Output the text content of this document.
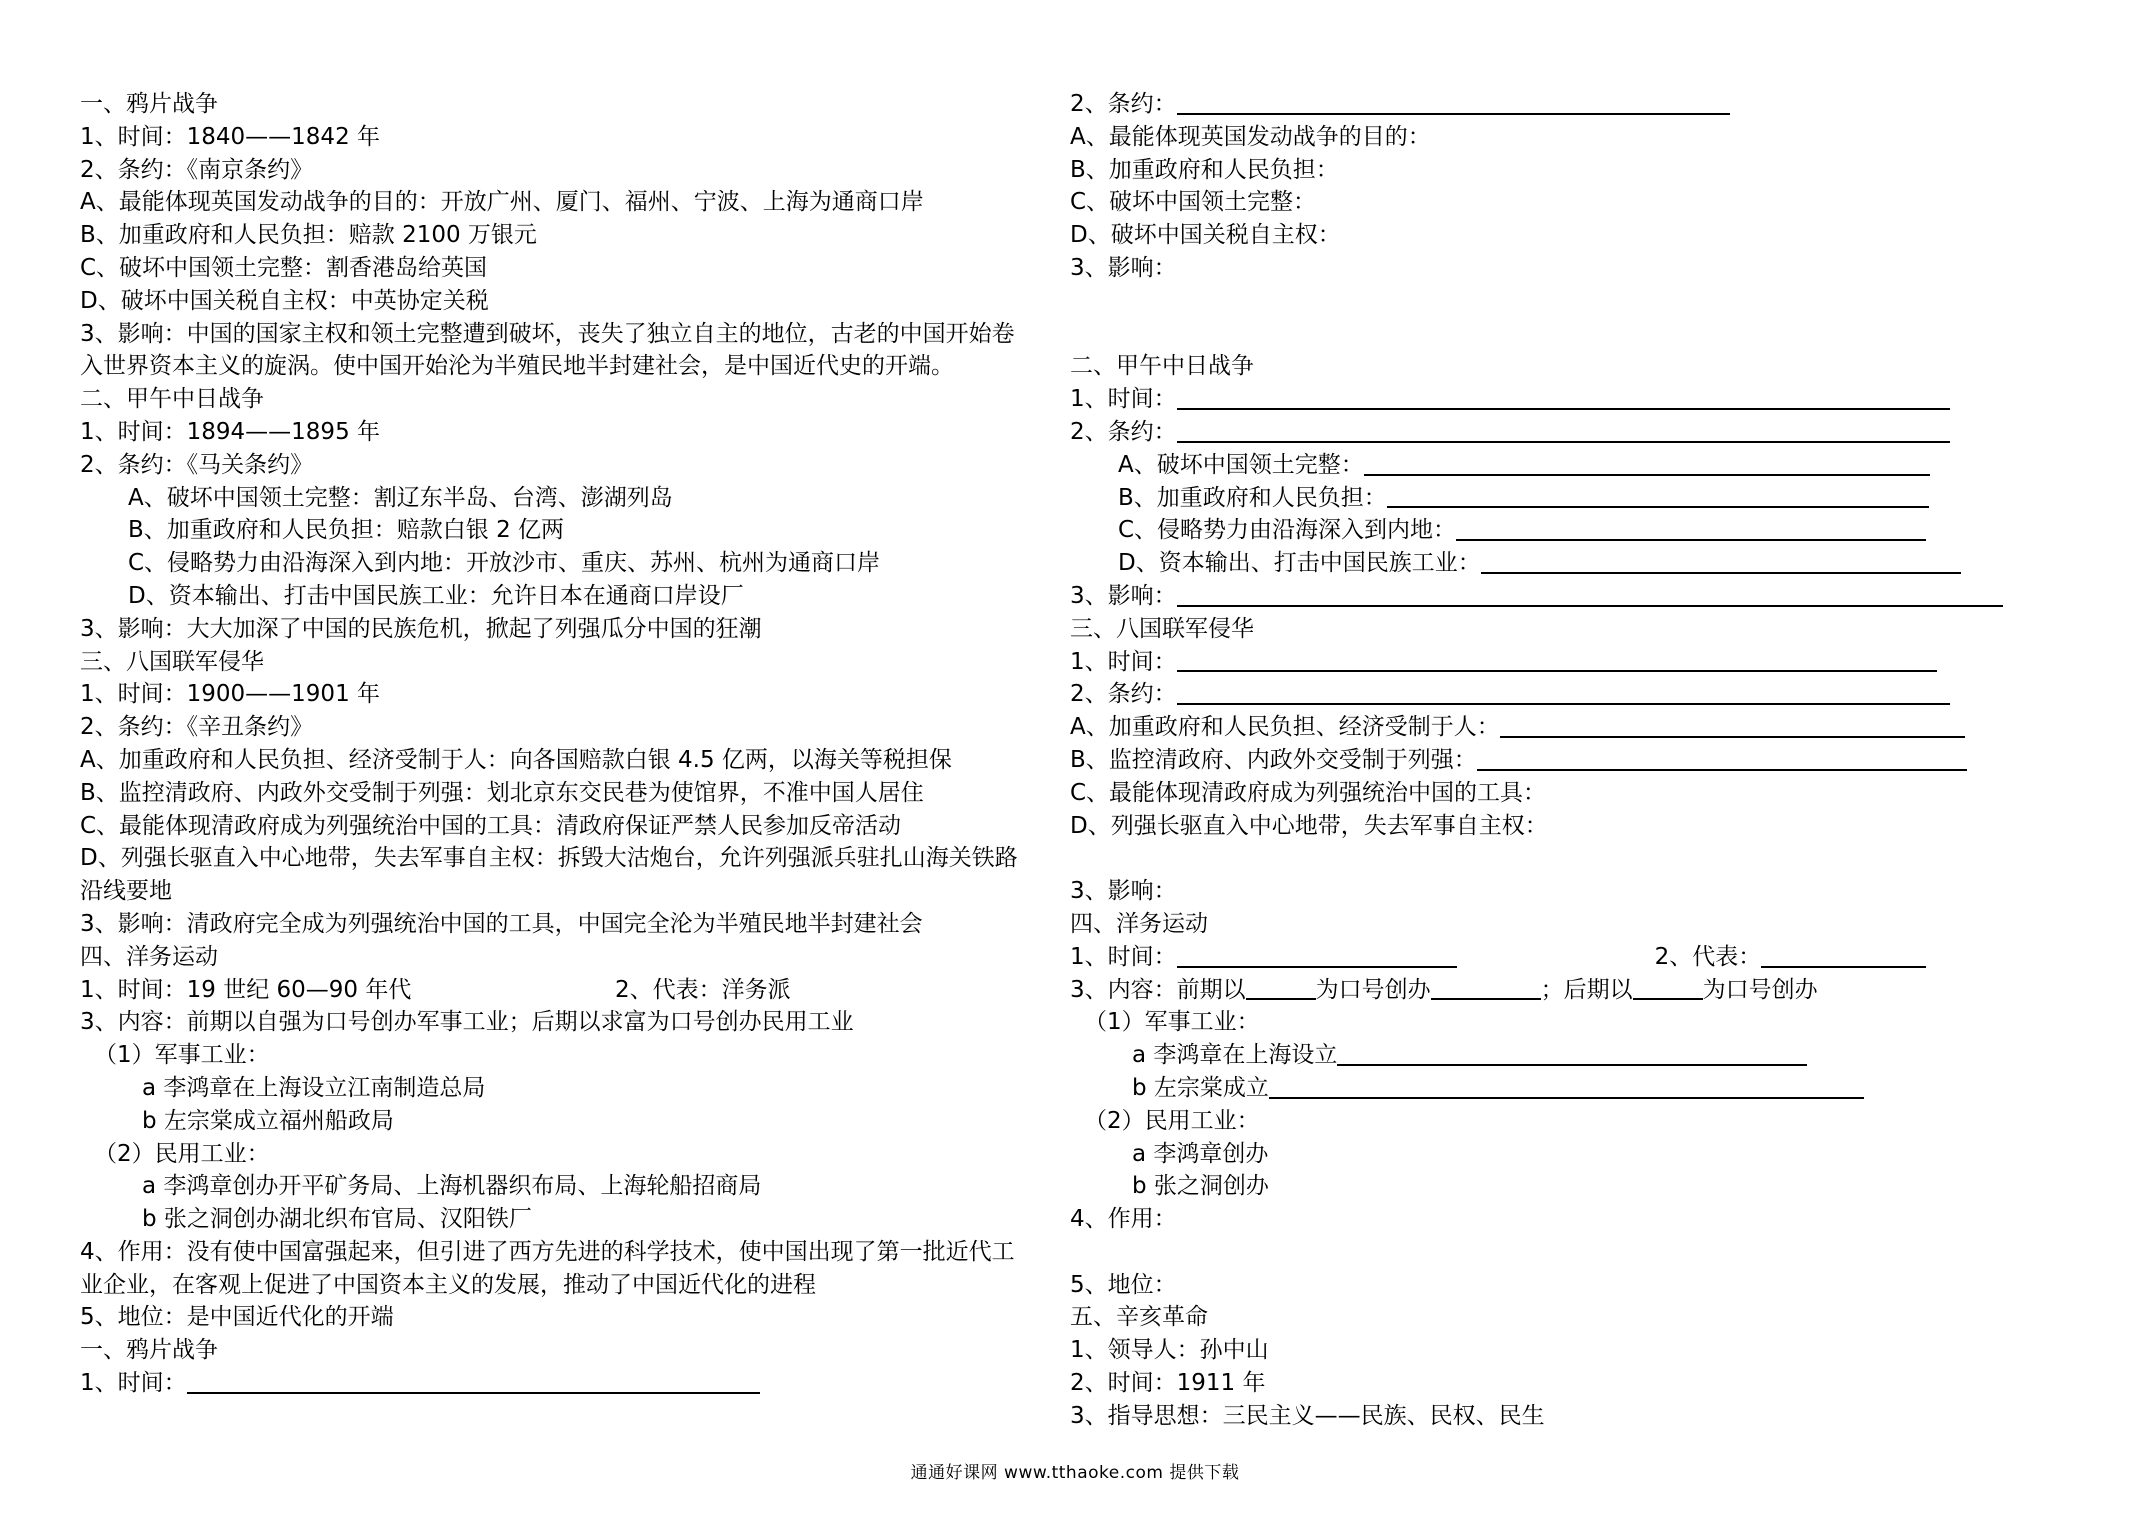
一、鸦片战争
1、时间：1840——1842 年
2、条约：《南京条约》
A、最能体现英国发动战争的目的：开放广州、厦门、福州、宁波、上海为通商口岸
B、加重政府和人民负担：赔款 2100 万银元
C、破坏中国领土完整：割香港岛给英国
D、破坏中国关税自主权：中英协定关税
3、影响：中国的国家主权和领土完整遭到破坏，丧失了独立自主的地位，古老的中国开始卷入世界资本主义的旋涡。使中国开始沦为半殖民地半封建社会，是中国近代史的开端。
二、甲午中日战争
1、时间：1894——1895 年
2、条约：《马关条约》
A、破坏中国领土完整：割辽东半岛、台湾、澎湖列岛
B、加重政府和人民负担：赔款白银 2 亿两
C、侵略势力由沿海深入到内地：开放沙市、重庆、苏州、杭州为通商口岸
D、资本输出、打击中国民族工业：允许日本在通商口岸设厂
3、影响：大大加深了中国的民族危机，掀起了列强瓜分中国的狂潮
三、八国联军侵华
1、时间：1900——1901 年
2、条约：《辛丑条约》
A、加重政府和人民负担、经济受制于人：向各国赔款白银 4.5 亿两，以海关等税担保
B、监控清政府、内政外交受制于列强：划北京东交民巷为使馆界，不准中国人居住
C、最能体现清政府成为列强统治中国的工具：清政府保证严禁人民参加反帝活动
D、列强长驱直入中心地带，失去军事自主权：拆毁大沽炮台，允许列强派兵驻扎山海关铁路沿线要地
3、影响：清政府完全成为列强统治中国的工具，中国完全沦为半殖民地半封建社会
四、洋务运动
1、时间：19 世纪 60—90 年代	2、代表：洋务派
3、内容：前期以自强为口号创办军事工业；后期以求富为口号创办民用工业
（1）军事工业：
a 李鸿章在上海设立江南制造总局
b 左宗棠成立福州船政局
（2）民用工业：
a 李鸿章创办开平矿务局、上海机器织布局、上海轮船招商局
b 张之洞创办湖北织布官局、汉阳铁厂
4、作用：没有使中国富强起来，但引进了西方先进的科学技术，使中国出现了第一批近代工业企业，在客观上促进了中国资本主义的发展，推动了中国近代化的进程
5、地位：是中国近代化的开端
一、鸦片战争
1、时间：
2、条约：
A、最能体现英国发动战争的目的：
B、加重政府和人民负担：
C、破坏中国领土完整：
D、破坏中国关税自主权：
3、影响：
二、甲午中日战争
1、时间：
2、条约：
A、破坏中国领土完整：
B、加重政府和人民负担：
C、侵略势力由沿海深入到内地：
D、资本输出、打击中国民族工业：
3、影响：
三、八国联军侵华
1、时间：
2、条约：
A、加重政府和人民负担、经济受制于人：
B、监控清政府、内政外交受制于列强：
C、最能体现清政府成为列强统治中国的工具：
D、列强长驱直入中心地带，失去军事自主权：
3、影响：
四、洋务运动
1、时间：	2、代表：
3、内容：前期以	为口号创办	；后期以	为口号创办
（1）军事工业：
a 李鸿章在上海设立
b 左宗棠成立
（2）民用工业：
a 李鸿章创办
b 张之洞创办
4、作用：
5、地位：
五、辛亥革命
1、领导人：孙中山
2、时间：1911 年
3、指导思想：三民主义——民族、民权、民生
通通好课网 www.tthaoke.com 提供下载
